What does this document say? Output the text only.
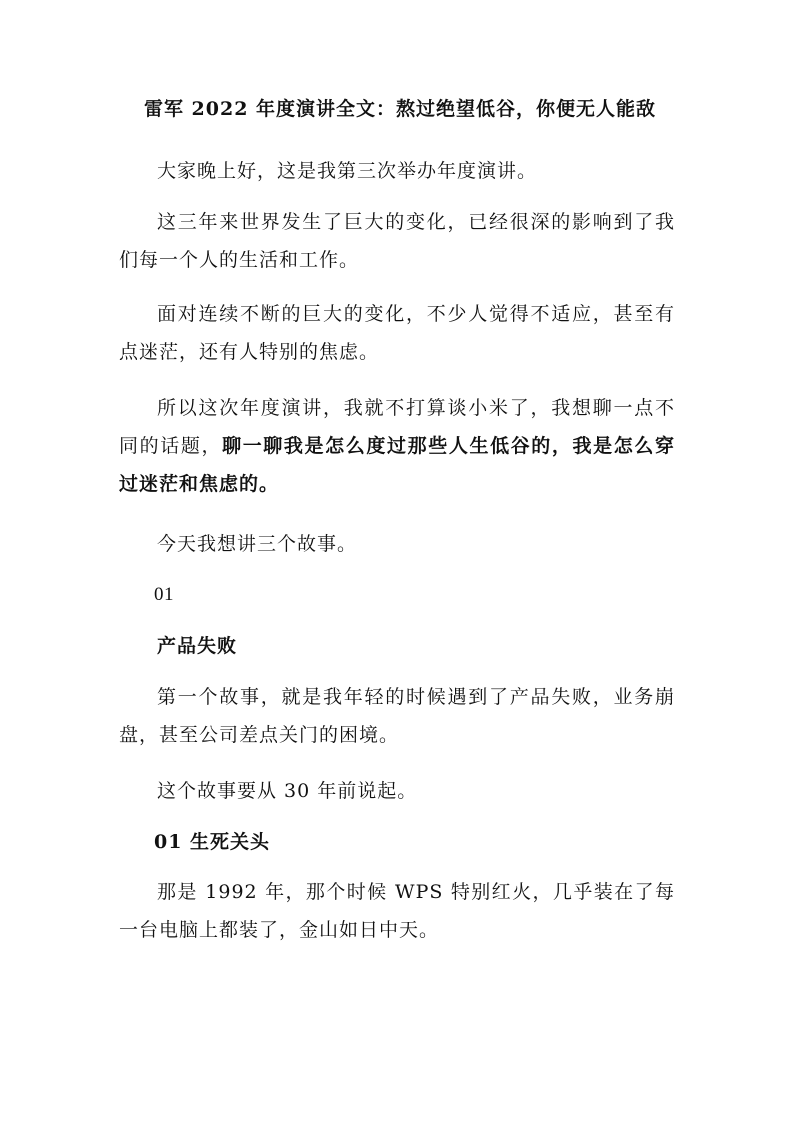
雷军 2022 年度演讲全文：熬过绝望低谷，你便无人能敌

大家晚上好，这是我第三次举办年度演讲。

这三年来世界发生了巨大的变化，已经很深的影响到了我们每一个人的生活和工作。

面对连续不断的巨大的变化，不少人觉得不适应，甚至有点迷茫，还有人特别的焦虑。

所以这次年度演讲，我就不打算谈小米了，我想聊一点不同的话题，聊一聊我是怎么度过那些人生低谷的，我是怎么穿过迷茫和焦虑的。

今天我想讲三个故事。

01
产品失败

第一个故事，就是我年轻的时候遇到了产品失败，业务崩盘，甚至公司差点关门的困境。

这个故事要从 30 年前说起。

01 生死关头

那是 1992 年，那个时候 WPS 特别红火，几乎装在了每一台电脑上都装了，金山如日中天。
